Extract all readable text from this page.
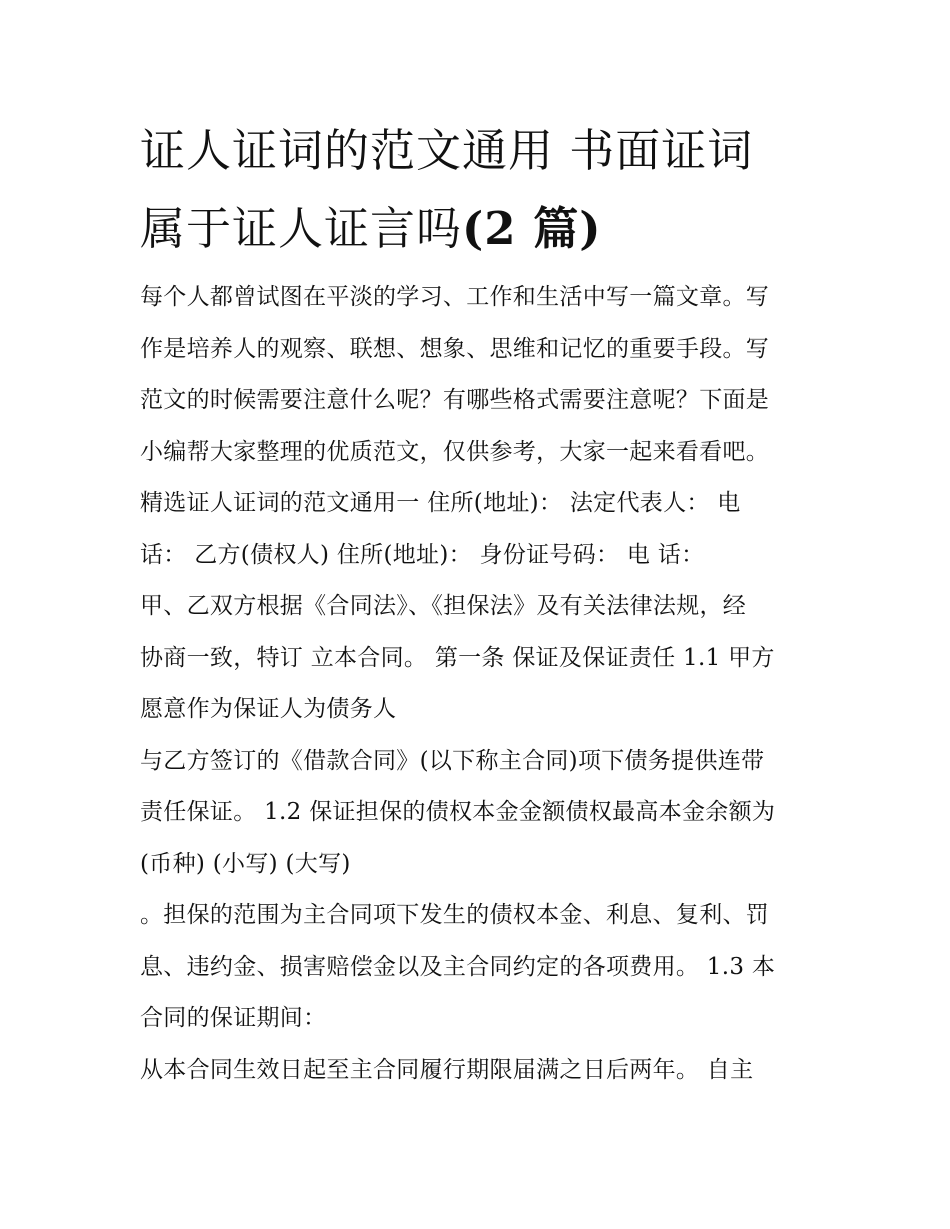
证人证词的范文通用 书面证词
属于证人证言吗(2 篇)
每个人都曾试图在平淡的学习、工作和生活中写一篇文章。写
作是培养人的观察、联想、想象、思维和记忆的重要手段。写
范文的时候需要注意什么呢？有哪些格式需要注意呢？下面是
小编帮大家整理的优质范文，仅供参考，大家一起来看看吧。
精选证人证词的范文通用一 住所(地址)： 法定代表人： 电
话： 乙方(债权人) 住所(地址)： 身份证号码： 电 话：
甲、乙双方根据《合同法》、《担保法》及有关法律法规，经
协商一致，特订 立本合同。 第一条 保证及保证责任 1.1 甲方
愿意作为保证人为债务人
与乙方签订的《借款合同》(以下称主合同)项下债务提供连带
责任保证。 1.2 保证担保的债权本金金额债权最高本金余额为
(币种) (小写) (大写)
。担保的范围为主合同项下发生的债权本金、利息、复利、罚
息、违约金、损害赔偿金以及主合同约定的各项费用。 1.3 本
合同的保证期间：
从本合同生效日起至主合同履行期限届满之日后两年。 自主
